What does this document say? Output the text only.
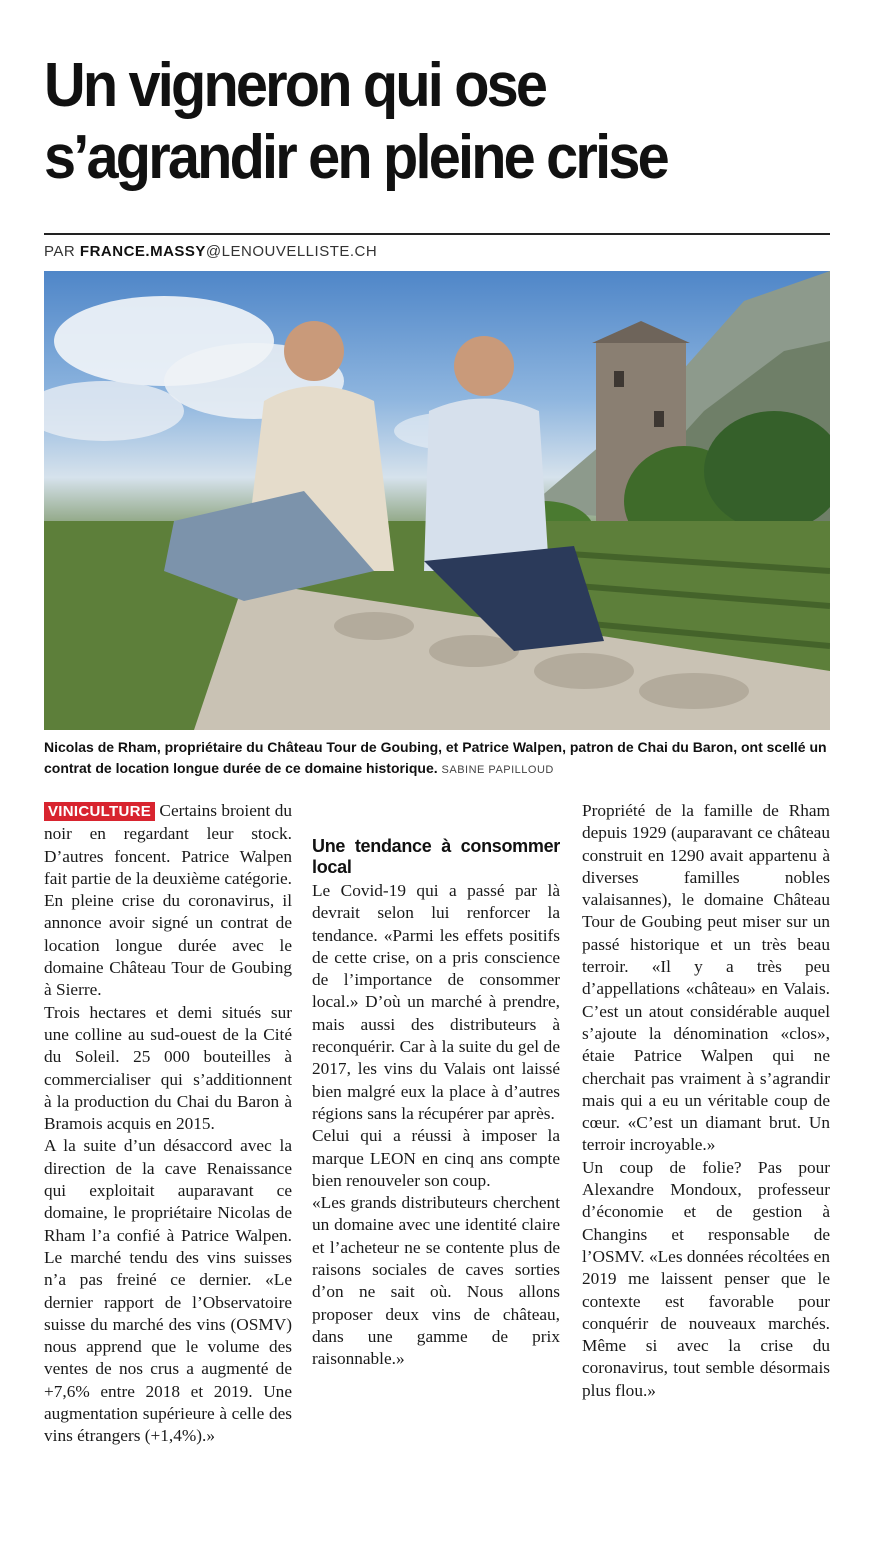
Un vigneron qui ose
s’agrandir en pleine crise
PAR FRANCE.MASSY@LENOUVELLISTE.CH
Nicolas de Rham, propriétaire du Château Tour de Goubing, et Patrice Walpen, patron de Chai du Baron, ont scellé un contrat de location longue durée de ce domaine historique. SABINE PAPILLOUD

VINICULTURE Certains broient du noir en regardant leur stock. D’autres foncent. Patrice Walpen fait partie de la deuxième catégorie. En pleine crise du coronavirus, il annonce avoir signé un contrat de location longue durée avec le domaine Château Tour de Goubing à Sierre.

Trois hectares et demi situés sur une colline au sud-ouest de la Cité du Soleil. 25 000 bouteilles à commercialiser qui s’additionnent à la production du Chai du Baron à Bramois acquis en 2015.

A la suite d’un désaccord avec la direction de la cave Renaissance qui exploitait auparavant ce domaine, le propriétaire Nicolas de Rham l’a confié à Patrice Walpen. Le marché tendu des vins suisses n’a pas freiné ce dernier. «Le dernier rapport de l’Observatoire suisse du marché des vins (OSMV) nous apprend que le volume des ventes de nos crus a augmenté de +7,6% entre 2018 et 2019. Une augmentation supérieure à celle des vins étrangers (+1,4%).»

Une tendance à consommer local

Le Covid-19 qui a passé par là devrait selon lui renforcer la tendance. «Parmi les effets positifs de cette crise, on a pris conscience de l’importance de consommer local.» D’où un marché à prendre, mais aussi des distributeurs à reconquérir. Car à la suite du gel de 2017, les vins du Valais ont laissé bien malgré eux la place à d’autres régions sans la récupérer par après.

Celui qui a réussi à imposer la marque LEON en cinq ans compte bien renouveler son coup.

«Les grands distributeurs cherchent un domaine avec une identité claire et l’acheteur ne se contente plus de raisons sociales de caves sorties d’on ne sait où. Nous allons proposer deux vins de château, dans une gamme de prix raisonnable.»

Propriété de la famille de Rham depuis 1929 (auparavant ce château construit en 1290 avait appartenu à diverses familles nobles valaisannes), le domaine Château Tour de Goubing peut miser sur un passé historique et un très beau terroir. «Il y a très peu d’appellations «château» en Valais. C’est un atout considérable auquel s’ajoute la dénomination «clos», étaie Patrice Walpen qui ne cherchait pas vraiment à s’agrandir mais qui a eu un véritable coup de cœur. «C’est un diamant brut. Un terroir incroyable.»

Un coup de folie? Pas pour Alexandre Mondoux, professeur d’économie et de gestion à Changins et responsable de l’OSMV. «Les données récoltées en 2019 me laissent penser que le contexte est favorable pour conquérir de nouveaux marchés. Même si avec la crise du coronavirus, tout semble désormais plus flou.»
